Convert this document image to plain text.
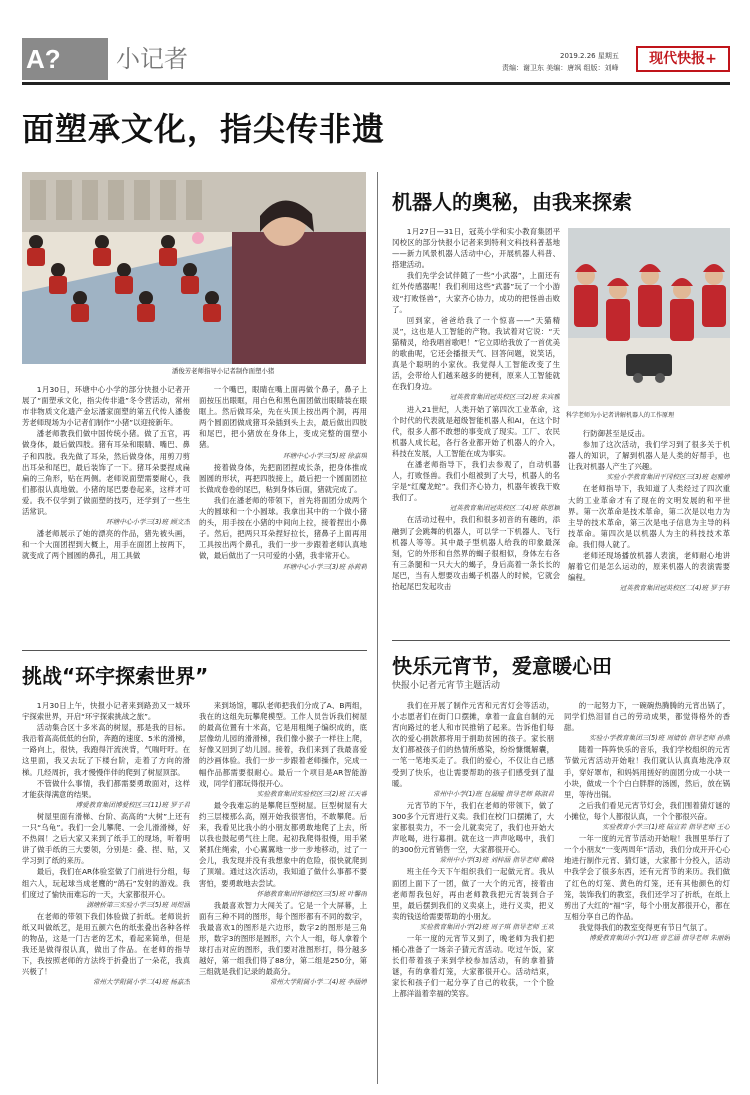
A?	小记者	2019.2.26 星期五
责编：谢卫东 美编：唐飒 组版：刘峰
现代快报+
面塑承文化，指尖传非遗
潘俊芳老师指导小记者制作面塑小猪
1月30日，环塘中心小学的部分快报小记者开展了“面塑承文化，指尖传非遗”冬令营活动，常州市非物质文化遗产金坛潘家面塑的第五代传人潘俊芳老师现场为小记者们制作“小猪”以迎接新年。
潘老师教我们做中国传统小猪。做了五官，再做身体，最后做四肢。猪有耳朵和眼睛、嘴巴、鼻子和四肢。我先做了耳朵，然后做身体，用剪刀剪出耳朵和尾巴，最后装饰了一下。猪耳朵要捏成扁扁的三角形，贴在两侧。老师说面塑需要耐心，我们都很认真地做。小猪的尾巴要卷起来，这样才可爱。我不仅学到了做面塑的技巧，还学到了一些生活常识。
环塘中心小学三(3)班 顾文杰
潘老师展示了她的漂亮的作品，猪先被头画，和一个大面团捏到大概上，用手在面团上按两下，就变成了两个圆圆的鼻孔，用工具做
一个嘴巴，眼睛在嘴上面再做个鼻子，鼻子上面按压出眼眶，用白色和黑色面团做出眼睛装在眼眶上。然后做耳朵，先在头顶上按出两个洞，再用两个圆面团做成猪耳朵插到头上去，最后做出四肢和尾巴，把小猪放在身体上，变成完整的面塑小猪。
环塘中心小学三(5)班 徐嘉琪
接着做身体，先把面团捏成长条，把身体推成圆圆的形状，再把四肢接上，最后把一个圆面团拉长做成卷卷的尾巴，粘到身体后面，猪就完成了。
我们在潘老师的带领下，首先将面团分成两个大的圆球和一个小圆球。我拿出其中的一个做小猪的头，用手按在小猪的中间向上拉，接着捏出小鼻子。然后，把两只耳朵捏好拉长，猪鼻子上面再用工具按出两个鼻孔，我们一步一步跟着老师认真地做，最后做出了一只可爱的小猪，我非常开心。
环塘中心小学三(3)班 孙莉莉
机器人的奥秘，由我来探索
1月27日—31日，冠英小学和实小教育集团平冈校区的部分快报小记者来到特利文科技科普基地——新力风景机器人活动中心，开展机器人科普、搭建活动。
我们先学会试伴随了一些“小武器”，上面还有红外传感器呢！我们利用这些“武器”玩了一个小游戏“打败怪兽”，大家齐心协力，成功的把怪兽击败了。
回到家，爸爸给我了一个惊喜——“天猫精灵”，这也是人工智能的产物。我试着对它说：“天猫精灵，给我唱首歌吧！”它立即给我放了一首优美的歌曲呢，它还会播报天气、回答问题，说笑话，真是个聪明的小家伙。我觉得人工智能改变了生活，会带给人们越来越多的便利，原来人工智能就在我们身边。
冠英教育集团冠英校区三(2)班 朱宾雅
进入21世纪，人类开始了第四次工业革命，这个时代的代表就是超级智能机器人和AI，在这个时代，很多人都不敢想的事变成了现实。工厂、农民机器人成长起，各行各业都开始了机器人的介入，科技在发展，人工智能在成为事实。
在潘老师指导下，我们去参观了，自动机器人，打败怪兽。我们小组被到了大号，机器人的名字是“红魔龙蛇”。我们齐心协力，机器年被我干败我们了。
冠英教育集团冠英校区二(4)班 陈思颖
在活动过程中，我们和很多初音的有趣的，添融到了会跳舞的机器人，可以学一下机器人、飞行机器人等等。其中最子型机器人给我的印象最深刻，它的外形和自然界的蝎子很相似，身体左右各有三条腿和一只大大的蝎子，身后高着一条长长的尾巴，当有人想要攻击蝎子机器人的时候，它就会抬起尾巴发起攻击
科学老师为小记者讲解机器人的工作原理
行防御甚至是反击。
参加了这次活动，我们学习到了很多关于机器人的知识，了解到机器人是人类的好帮手，也让我对机器人产生了兴趣。
实验小学教育集团平冈校区三(3)班 赵雅婷
在老师指导下，我知道了人类经过了四次重大的工业革命才有了现在的文明发展的和平世界。第一次革命是技术革命，第二次是以电力为主导的技术革命，第三次是电子信息为主导的科技革命。第四次是以机器人为主的科技技术革命。我们得人就了。
老师还现场播放机器人表演，老师耐心地讲解着它们是怎么运动的，原来机器人的表演需要编程。
冠英教育集团冠英校区二(4)班 罗子轩
挑战“环宇探索世界”
1月30日上午，快报小记者来到路劲又一城环宇探索世界，开启“环宇探索挑战之旅”。
活动集合区十多米高的树屋，那是我的目标。我沿着高高低低的台阶，奔跑的速度、5米的滑梯，一路向上，很快，我跑得汗流浃背，气喘吁吁。在这里面，我又去玩了下楼台阶，走着了方向的滑梯。几经周折，我才慢慢伴伴的爬到了树屋顶部。
不管做什么事情，我们都需要勇敢面对，这样才能获得满意的结果。
博爱教育集团博爱校区三(11)班 罗子君
树屋里面有滑梯、台阶、高高的“大树”上还有一只“乌龟”。我们一会儿攀爬、一会儿滑滑梯，好不热闹！之后大家又来到了纸手工的现场，听着明讲了做手纸的三大要领，分别是：叠、捏、贴，又学习到了纸的来历。
最后，我们在AR体验室做了门前进行分组，每组六人，玩起球当成老鹰的“鸽石”发射的游戏。我们度过了愉快而难忘的一天，大家都很开心。
湖塘桥第三实验小学三(5)班 周煜涵
在老师的带领下我们体验做了折纸。老师说折纸又叫做纸艺，是用五颜六色的纸张叠出各种各样的物品，这是一门古老的艺术，看起来简单，但是我还是做得很认真，做出了作品。在老师的指导下，我按照老师的方法终于折叠出了一朵花，我真兴极了！
常州大学附属小学二(4)班 杨嘉杰
来到场馆，哪队老师把我们分成了A、B两组，我在的这组先玩攀爬模型。工作人员告诉我们树屋的最高位置有十米高，它是用粗绳子编织成的，底层像幼儿园的滑滑梯，我们像小猴子一样往上爬，好像又回到了幼儿园。接着，我们来到了我最喜爱的沙画体验。我们一步一步跟着老师操作，完成一幅作品都需要很耐心。最后一个项目是AR智能游戏，同学们都玩得很开心。
实验教育集团实验校区三(2)班 江天睿
最令我难忘的是攀爬巨型树屋。巨型树屋有大约三层楼那么高，刚开始我很害怕，不敢攀爬。后来，我看见比我小的小朋友都勇敢地爬了上去，所以我也鼓起勇气往上爬。起初我爬得很慢，用手紧紧抓住绳索，小心翼翼地一步一步地移动，过了一会儿，我发现并没有我想象中的危险，很快就爬到了顶端。通过这次活动，我知道了做什么事都不要害怕，要勇敢地去尝试。
怀德教育集团怀德校区三(5)班 叶馨雨
我最喜欢智力大闯关了。它是一个大屏幕，上面有三种不同的图形，每个图形都有不同的数字，我最喜欢1的图形是六边形，数字2的图形是三角形，数字3的图形是圆形，六个人一组，每人拿着个球打击对应的图形，我们要对准图形打，得分越多越好，第一组我们得了88分，第二组是250分，第三组就是我们记录的最高分。
常州大学附属小学二(4)班 李涵婷
快乐元宵节，爱意暖心田
快报小记者元宵节主题活动
我们在开展了制作元宵和元宵灯会等活动，小志愿者们在街门口摆摊，拿着一盒盒自制的元宵向路过的老人和市民推销了起来。告诉他们每次的爱心捐款都将用于捐助贫困的孩子。家长朋友们都被孩子们的热情所感染，纷纷慷慨解囊，一笔一笔地买走了。我们的爱心，不仅让自己感受到了快乐，也让需要帮助的孩子们感受到了温暖。
常州中小学(1)班 包晟瞳 指导老师 陈淑君
元宵节的下午，我们在老师的带领下，做了300多个元宵进行义卖。我们在校门口摆摊了，大家都很卖力，不一会儿就卖完了，我们也开始大声吆喝，进行募捐。就在这一声声吆喝中，我们的300份元宵销售一空，大家都很开心。
常州中小学(3)班 刘梓涵 指导老师 戴晓
班主任今天下午组织我们一起做元宵。我从面团上面下了一团，做了一大个的元宵，接着由老师帮我包好，再由老师教我把元宵装到合子里，最后摆到我们的义卖桌上，进行义卖，把义卖的钱送给需要帮助的小朋友。
实验教育集团小学(2)班 周子琪 指导老师 王欢
一年一度的元宵节又到了，晚老师为我们把桶心准备了一场亲子猜元宵活动。吃过午饭，家长们带着孩子来到学校参加活动，有的拿着猜谜，有的拿着灯笼，大家都很开心。活动结束，家长和孩子们一起分享了自己的收获，一个个脸上都洋溢着幸福的笑容。
的一起努力下，一碗碗热腾腾的元宵出锅了，同学们热泪冒自己的劳动成果，都觉得格外的香甜。
实验小学教育集团三(5)班 周婧怡 指导老师 孙燕
随着一阵阵快乐的音乐，我们学校组织的元宵节做元宵活动开始啦！我们就认认真真地洗净双手，穿好罩布，和妈妈用搓好的面团分成一小块一小块，做成一个个白白胖胖的汤圆，然后，放在锅里，等待出锅。
之后我们看见元宵节灯会，我们围着猜灯谜的小摊位，每个人都很认真，一个个都很兴奋。
实验教育小学三(1)班 陆宣若 指导老师 王心
一年一度的元宵节活动开始啦！我围里举行了一个小朋友“一变两周年”活动，我们分成开开心心地进行制作元宵、猜灯谜，大家都十分投入，活动中我学会了很多东西，还有元宵节的来历。我们做了红色的灯笼、黄色的灯笼，还有其他颜色的灯笼，装饰我们的教室，我们还学习了折纸，在纸上剪出了大红的“福”字，每个小朋友都很开心，都在互相分享自己的作品。
我觉得我们的教室变得更有节日气氛了。
博爱教育集团小学(1)班 曾艺涵 指导老师 朱丽娟
